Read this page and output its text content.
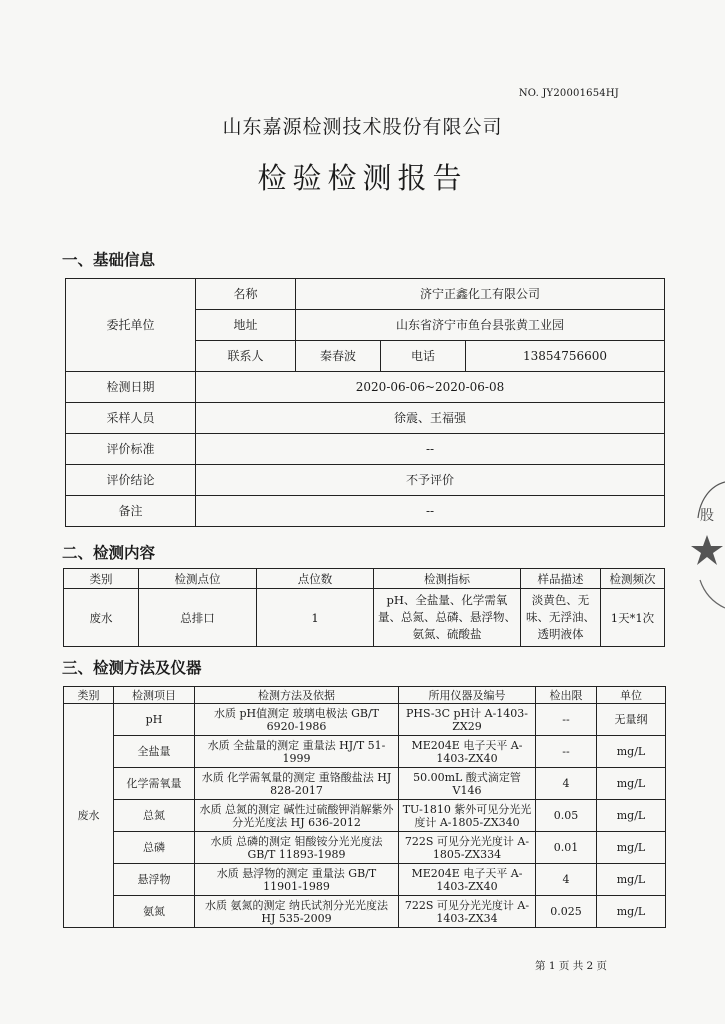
NO. JY20001654HJ
山东嘉源检测技术股份有限公司
检验检测报告
一、基础信息
委托单位	名称	济宁正鑫化工有限公司		
	地址	山东省济宁市鱼台县张黄工业园		
	联系人	秦春波	电话	13854756600
检测日期	2020-06-06~2020-06-08			
采样人员	徐震、王福强			
评价标准	--			
评价结论	不予评价			
备注	--			
二、检测内容
类别	检测点位	点位数	检测指标	样品描述	检测频次
废水	总排口	1	pH、全盐量、化学需氧量、总氮、总磷、悬浮物、氨氮、硫酸盐	淡黄色、无味、无浮油、透明液体	1天*1次
三、检测方法及仪器
类别	检测项目	检测方法及依据	所用仪器及编号	检出限	单位
废水	pH	水质 pH值测定 玻璃电极法 GB/T 6920-1986	PHS-3C pH计 A-1403-ZX29	--	无量纲
	全盐量	水质 全盐量的测定 重量法 HJ/T 51-1999	ME204E 电子天平 A-1403-ZX40	--	mg/L
	化学需氧量	水质 化学需氧量的测定 重铬酸盐法 HJ 828-2017	50.00mL 酸式滴定管 V146	4	mg/L
	总氮	水质 总氮的测定 碱性过硫酸钾消解紫外分光光度法 HJ 636-2012	TU-1810 紫外可见分光光度计 A-1805-ZX340	0.05	mg/L
	总磷	水质 总磷的测定 钼酸铵分光光度法 GB/T 11893-1989	722S 可见分光光度计 A-1805-ZX334	0.01	mg/L
	悬浮物	水质 悬浮物的测定 重量法 GB/T 11901-1989	ME204E 电子天平 A-1403-ZX40	4	mg/L
	氨氮	水质 氨氮的测定 纳氏试剂分光光度法 HJ 535-2009	722S 可见分光光度计 A-1403-ZX34	0.025	mg/L
第 1 页 共 2 页
股
